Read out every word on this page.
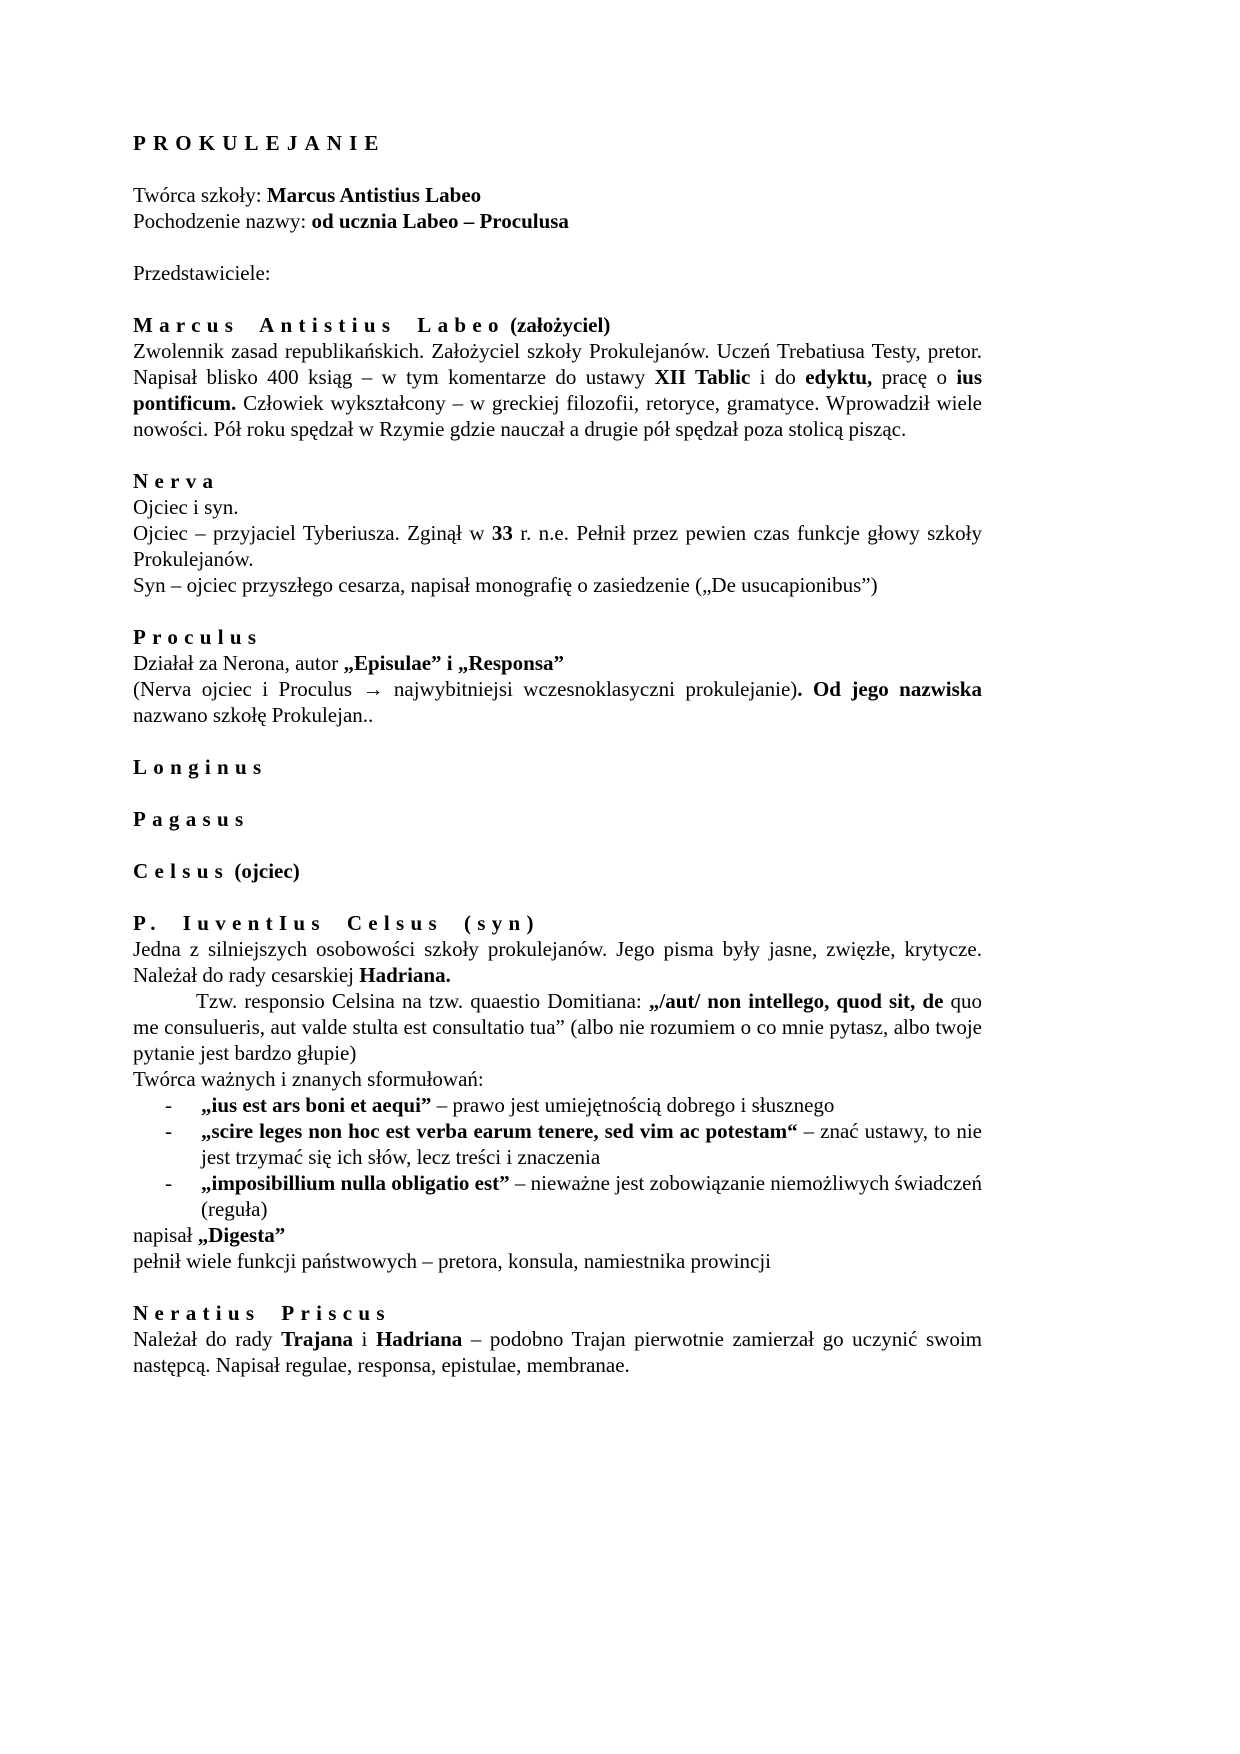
PROKULEJANIE
Twórca szkoły: Marcus Antistius Labeo
Pochodzenie nazwy: od ucznia Labeo – Proculusa
Przedstawiciele:
Marcus Antistius Labeo (założyciel)
Zwolennik zasad republikańskich. Założyciel szkoły Prokulejanów. Uczeń Trebatiusa Testy, pretor. Napisał blisko 400 ksiąg – w tym komentarze do ustawy XII Tablic i do edyktu, pracę o ius pontificum. Człowiek wykształcony – w greckiej filozofii, retoryce, gramatyce. Wprowadził wiele nowości. Pół roku spędzał w Rzymie gdzie nauczał a drugie pół spędzał poza stolicą pisząc.
Nerva
Ojciec i syn.
Ojciec – przyjaciel Tyberiusza. Zginął w 33 r. n.e. Pełnił przez pewien czas funkcje głowy szkoły Prokulejanów.
Syn – ojciec przyszłego cesarza, napisał monografię o zasiedzenie („De usucapionibus”)
Proculus
Działał za Nerona, autor „Episulae” i „Responsa”
(Nerva ojciec i Proculus → najwybitniejsi wczesnoklasyczni prokulejanie). Od jego nazwiska nazwano szkołę Prokulejan..
Longinus
Pagasus
Celsus (ojciec)
P. IuventIus Celsus (syn)
Jedna z silniejszych osobowości szkoły prokulejanów. Jego pisma były jasne, zwięzłe, krytycze. Należał do rady cesarskiej Hadriana.
Tzw. responsio Celsina na tzw. quaestio Domitiana: „/aut/ non intellego, quod sit, de quo me consulueris, aut valde stulta est consultatio tua” (albo nie rozumiem o co mnie pytasz, albo twoje pytanie jest bardzo głupie)
Twórca ważnych i znanych sformułowań:
-	„ius est ars boni et aequi” – prawo jest umiejętnością dobrego i słusznego
-	„scire leges non hoc est verba earum tenere, sed vim ac potestam“ – znać ustawy, to nie jest trzymać się ich słów, lecz treści i znaczenia
-	„imposibillium nulla obligatio est” – nieważne jest zobowiązanie niemożliwych świadczeń (reguła)
napisał „Digesta”
pełnił wiele funkcji państwowych – pretora, konsula, namiestnika prowincji
Neratius Priscus
Należał do rady Trajana i Hadriana – podobno Trajan pierwotnie zamierzał go uczynić swoim następcą. Napisał regulae, responsa, epistulae, membranae.
